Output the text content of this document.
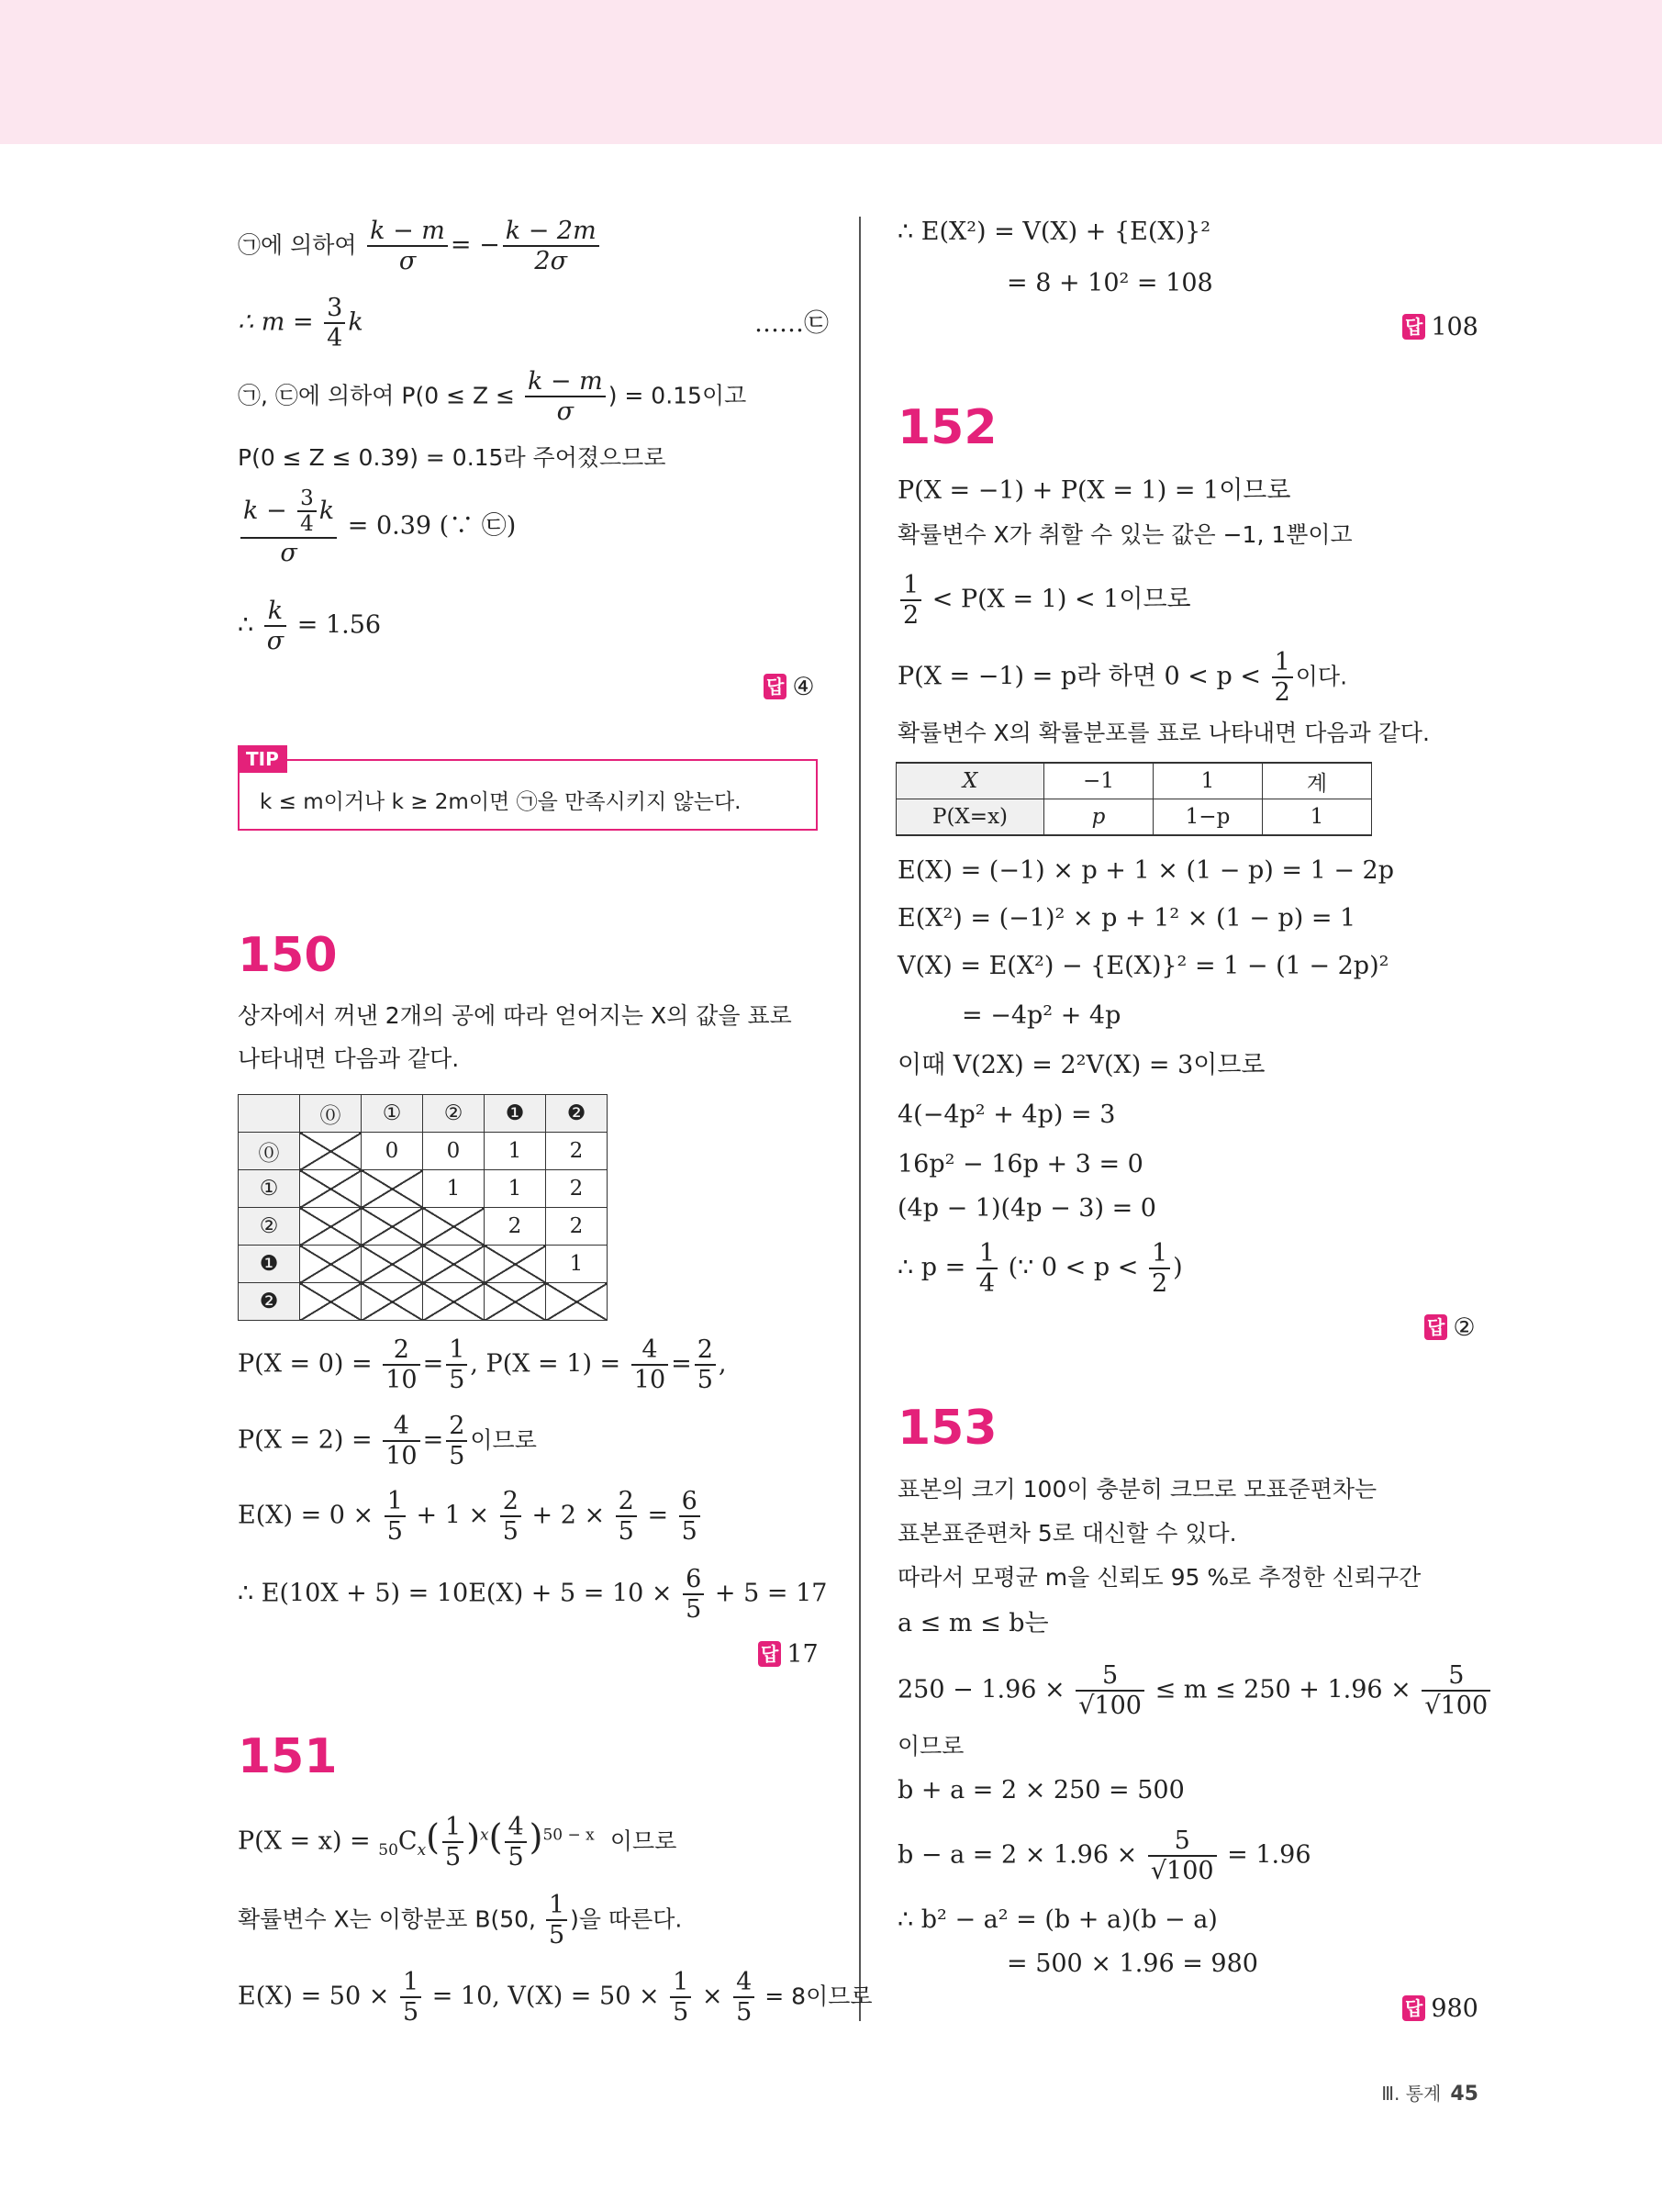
㉠에 의하여 $\frac{k - m}{\sigma}$ = − $\frac{k - 2m}{2\sigma}$
∴ $m = \frac{3}{4}$ k	……㉢
㉠, ㉢에 의하여 $P(0 \le Z \le \frac{k - m}{\sigma}$ ) = 0.15이고
P(0 ≤ Z ≤ 0.39) = 0.15라 주어졌으므로
$\frac{k - \frac{3}{4} k}{\sigma} = 0.39$ (∵ ㉢)
∴ $\frac{k}{\sigma} = 1.56$
답 ④
TIP
k ≤ m이거나 k ≥ 2m이면 ㉠을 만족시키지 않는다.
150
상자에서 꺼낸 2개의 공에 따라 얻어지는 X의 값을 표로
나타내면 다음과 같다.
	⓪	①	②	❶	❷
⓪		0	0	1	2
①			1	1	2
②				2	2
❶					1
❷					
$P(X = 0) = \frac{2}{10} = \frac{1}{5}$ , $P(X = 1) = \frac{4}{10} = \frac{2}{5}$ ,
$P(X = 2) = \frac{4}{10} = \frac{2}{5}$ 이므로
$E(X) = 0 \times \frac{1}{5} + 1 \times \frac{2}{5} + 2 \times \frac{2}{5} = \frac{6}{5}$
∴ $E(10X + 5) = 10E(X) + 5 = 10 \times \frac{6}{5} + 5 = 17$
답 17
151
$P(X = x) = _{50}C_x( \frac{1}{5} )^x( \frac{4}{5} )^{50 - x}$ 이므로
확률변수 X는 이항분포 B(50, $\frac{1}{5}$ )을 따른다.
$E(X) = 50 \times \frac{1}{5} = 10$, $V(X) = 50 \times \frac{1}{5} \times \frac{4}{5} = 8$이므로
∴ E(X²) = V(X) + {E(X)}²
= 8 + 10² = 108
답 108
152
P(X = −1) + P(X = 1) = 1이므로
확률변수 X가 취할 수 있는 값은 −1, 1뿐이고
$\frac{1}{2} < P(X = 1) < 1$이므로
P(X = −1) = p라 하면 $0 < p < \frac{1}{2}$ 이다.
확률변수 X의 확률분포를 표로 나타내면 다음과 같다.
X	−1	1	계
P(X=x)	p	1−p	1
E(X) = (−1) × p + 1 × (1 − p) = 1 − 2p
E(X²) = (−1)² × p + 1² × (1 − p) = 1
V(X) = E(X²) − {E(X)}² = 1 − (1 − 2p)²
= −4p² + 4p
이때 V(2X) = 2²V(X) = 3이므로
4(−4p² + 4p) = 3
16p² − 16p + 3 = 0
(4p − 1)(4p − 3) = 0
∴ $p = \frac{1}{4}$ (∵ $0 < p < \frac{1}{2}$ )
답 ②
153
표본의 크기 100이 충분히 크므로 모표준편차는
표본표준편차 5로 대신할 수 있다.
따라서 모평균 m을 신뢰도 95 %로 추정한 신뢰구간
a ≤ m ≤ b는
$250 - 1.96 \times \frac{5}{√100} \le m \le 250 + 1.96 \times \frac{5}{√100}$
이므로
b + a = 2 × 250 = 500
$b - a = 2 \times 1.96 \times \frac{5}{√100} = 1.96$
∴ b² − a² = (b + a)(b − a)
= 500 × 1.96 = 980
답 980
Ⅲ. 통계 45
